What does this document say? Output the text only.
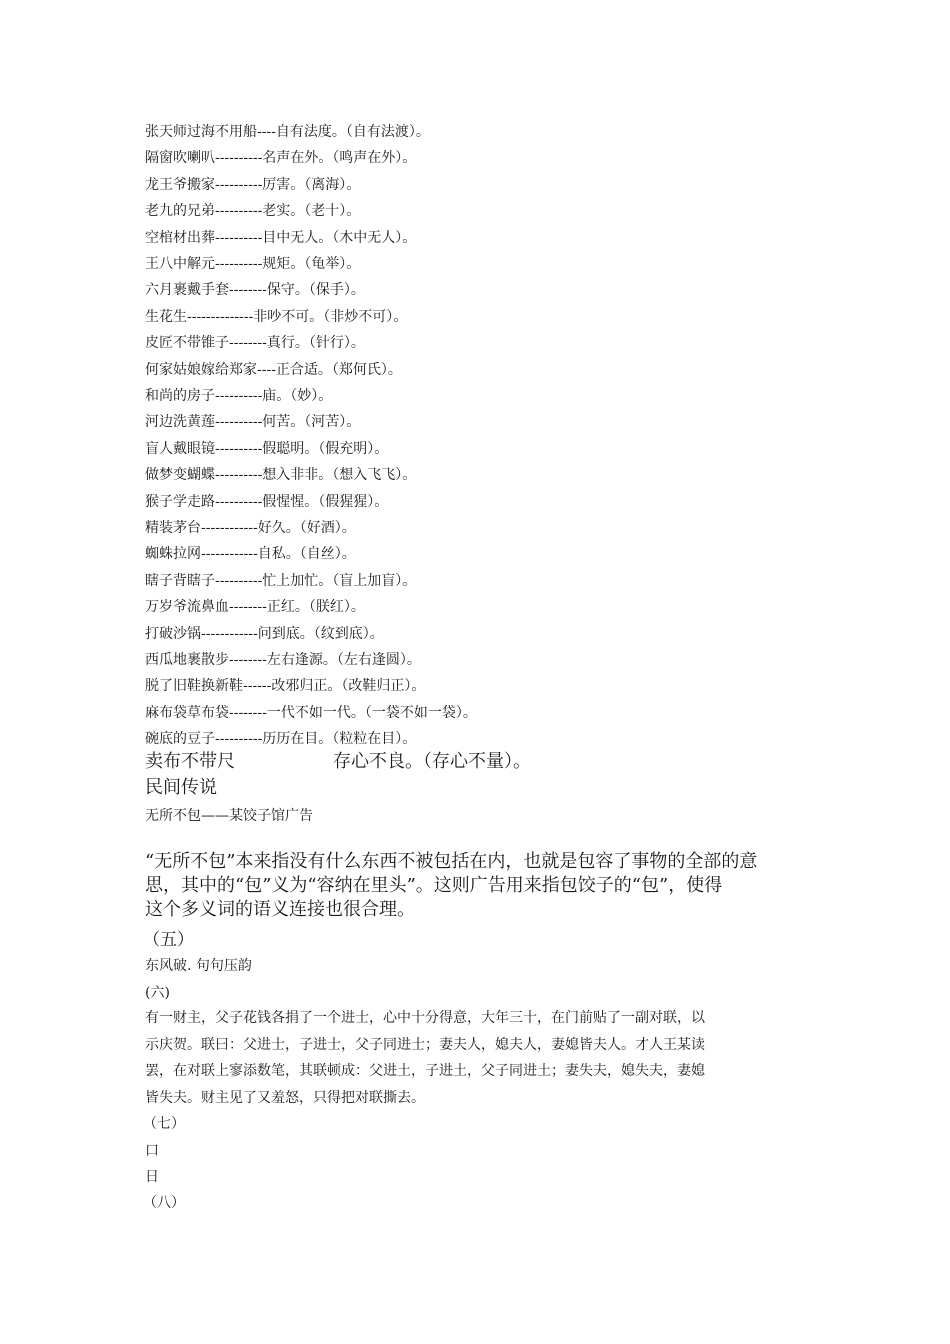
张天师过海不用船----自有法度。（自有法渡）。
隔窗吹喇叭----------名声在外。（鸣声在外）。
龙王爷搬家----------厉害。（离海）。
老九的兄弟----------老实。（老十）。
空棺材出葬----------目中无人。（木中无人）。
王八中解元----------规矩。（龟举）。
六月裹戴手套--------保守。（保手）。
生花生--------------非吵不可。（非炒不可）。
皮匠不带锥子--------真行。（针行）。
何家姑娘嫁给郑家----正合适。（郑何氏）。
和尚的房子----------庙。（妙）。
河边洗黄莲----------何苦。（河苦）。
盲人戴眼镜----------假聪明。（假充明）。
做梦变蝴蝶----------想入非非。（想入飞飞）。
猴子学走路----------假惺惺。（假猩猩）。
精装茅台------------好久。（好酒）。
蜘蛛拉网------------自私。（自丝）。
瞎子背瞎子----------忙上加忙。（盲上加盲）。
万岁爷流鼻血--------正红。（朕红）。
打破沙锅------------问到底。（纹到底）。
西瓜地裹散步--------左右逢源。（左右逢圆）。
脱了旧鞋换新鞋------改邪归正。（改鞋归正）。
麻布袋草布袋--------一代不如一代。（一袋不如一袋）。
碗底的豆子----------历历在目。（粒粒在目）。
卖布不带尺	存心不良。（存心不量）。
民间传说
无所不包——某饺子馆广告
“无所不包”本来指没有什么东西不被包括在内，也就是包容了事物的全部的意
思，其中的“包”义为“容纳在里头”。这则广告用来指包饺子的“包”，使得
这个多义词的语义连接也很合理。
（五）
东风破. 句句压韵
(六)
有一财主，父子花钱各捐了一个进士，心中十分得意，大年三十，在门前贴了一副对联，以
示庆贺。联曰：父进士，子进士，父子同进士；妻夫人，媳夫人，妻媳皆夫人。才人王某读
罢，在对联上寥添数笔，其联顿成：父进土，子进土，父子同进土；妻失夫，媳失夫，妻媳
皆失夫。财主见了又羞怒，只得把对联撕去。
（七）
口
日
（八）
